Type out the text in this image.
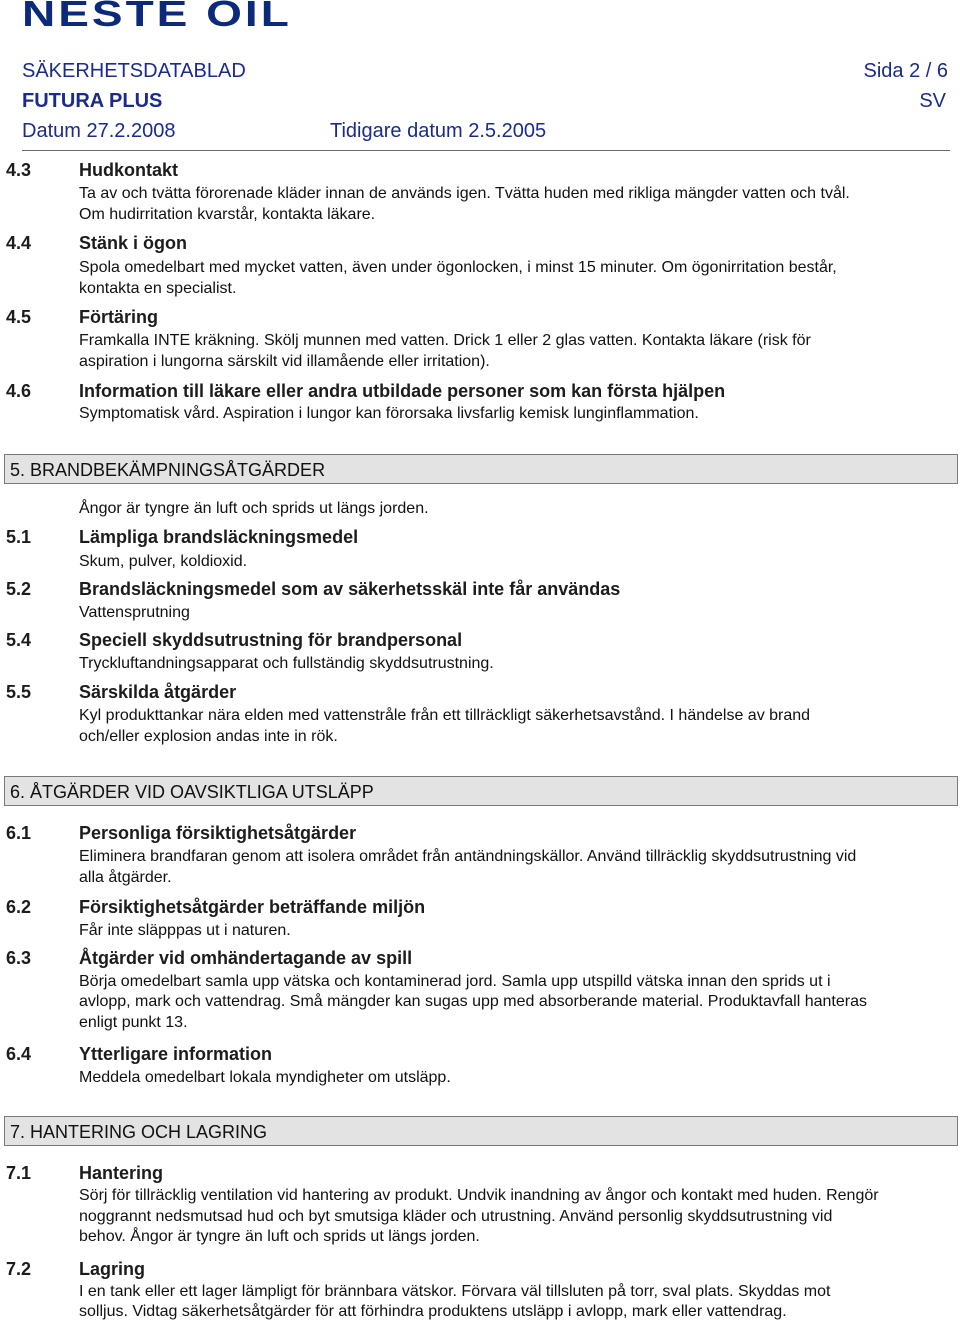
NESTE OIL
SÄKERHETSDATABLAD	Sida 2 / 6
FUTURA PLUS	SV
Datum 27.2.2008	Tidigare datum 2.5.2005
4.3	Hudkontakt
Ta av och tvätta förorenade kläder innan de används igen. Tvätta huden med rikliga mängder vatten och tvål.
Om hudirritation kvarstår, kontakta läkare.
4.4	Stänk i ögon
Spola omedelbart med mycket vatten, även under ögonlocken, i minst 15 minuter. Om ögonirritation består,
kontakta en specialist.
4.5	Förtäring
Framkalla INTE kräkning. Skölj munnen med vatten. Drick 1 eller 2 glas vatten. Kontakta läkare (risk för
aspiration i lungorna särskilt vid illamående eller irritation).
4.6	Information till läkare eller andra utbildade personer som kan första hjälpen
Symptomatisk vård. Aspiration i lungor kan förorsaka livsfarlig kemisk lunginflammation.
5. BRANDBEKÄMPNINGSÅTGÄRDER
Ångor är tyngre än luft och sprids ut längs jorden.
5.1	Lämpliga brandsläckningsmedel
Skum, pulver, koldioxid.
5.2	Brandsläckningsmedel som av säkerhetsskäl inte får användas
Vattensprutning
5.4	Speciell skyddsutrustning för brandpersonal
Tryckluftandningsapparat och fullständig skyddsutrustning.
5.5	Särskilda åtgärder
Kyl produkttankar nära elden med vattenstråle från ett tillräckligt säkerhetsavstånd. I händelse av brand
och/eller explosion andas inte in rök.
6. ÅTGÄRDER VID OAVSIKTLIGA UTSLÄPP
6.1	Personliga försiktighetsåtgärder
Eliminera brandfaran genom att isolera området från antändningskällor. Använd tillräcklig skyddsutrustning vid
alla åtgärder.
6.2	Försiktighetsåtgärder beträffande miljön
Får inte släpppas ut i naturen.
6.3	Åtgärder vid omhändertagande av spill
Börja omedelbart samla upp vätska och kontaminerad jord. Samla upp utspilld vätska innan den sprids ut i
avlopp, mark och vattendrag. Små mängder kan sugas upp med absorberande material. Produktavfall hanteras
enligt punkt 13.
6.4	Ytterligare information
Meddela omedelbart lokala myndigheter om utsläpp.
7. HANTERING OCH LAGRING
7.1	Hantering
Sörj för tillräcklig ventilation vid hantering av produkt. Undvik inandning av ångor och kontakt med huden. Rengör
noggrannt nedsmutsad hud och byt smutsiga kläder och utrustning. Använd personlig skyddsutrustning vid
behov. Ångor är tyngre än luft och sprids ut längs jorden.
7.2	Lagring
I en tank eller ett lager lämpligt för brännbara vätskor. Förvara väl tillsluten på torr, sval plats. Skyddas mot
solljus. Vidtag säkerhetsåtgärder för att förhindra produktens utsläpp i avlopp, mark eller vattendrag.
